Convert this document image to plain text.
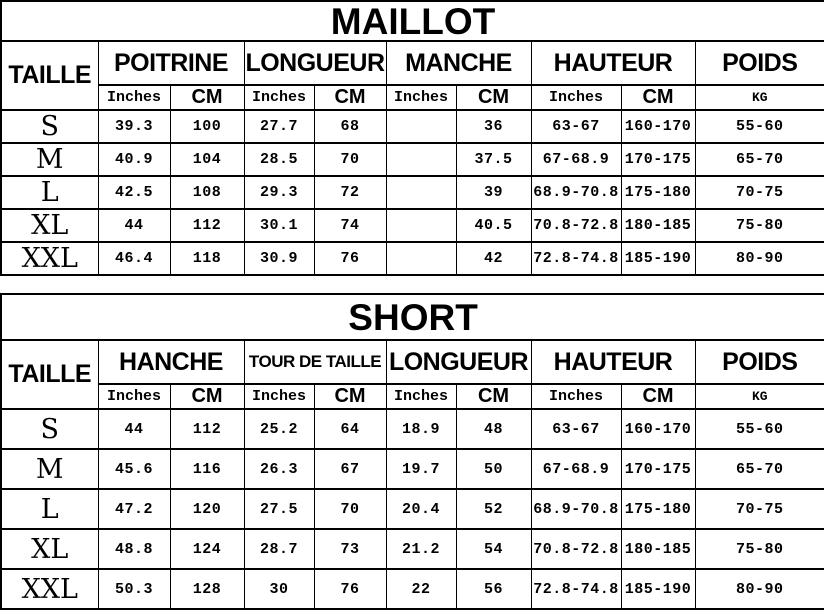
MAILLOT									
TAILLE	POITRINE		LONGUEUR		MANCHE		HAUTEUR		POIDS
	Inches	CM	Inches	CM	Inches	CM	Inches	CM	KG
S	39.3	100	27.7	68		36	63-67	160-170	55-60
M	40.9	104	28.5	70		37.5	67-68.9	170-175	65-70
L	42.5	108	29.3	72		39	68.9-70.8	175-180	70-75
XL	44	112	30.1	74		40.5	70.8-72.8	180-185	75-80
XXL	46.4	118	30.9	76		42	72.8-74.8	185-190	80-90
SHORT									
TAILLE	HANCHE		TOUR DE TAILLE		LONGUEUR		HAUTEUR		POIDS
	Inches	CM	Inches	CM	Inches	CM	Inches	CM	KG
S	44	112	25.2	64	18.9	48	63-67	160-170	55-60
M	45.6	116	26.3	67	19.7	50	67-68.9	170-175	65-70
L	47.2	120	27.5	70	20.4	52	68.9-70.8	175-180	70-75
XL	48.8	124	28.7	73	21.2	54	70.8-72.8	180-185	75-80
XXL	50.3	128	30	76	22	56	72.8-74.8	185-190	80-90
